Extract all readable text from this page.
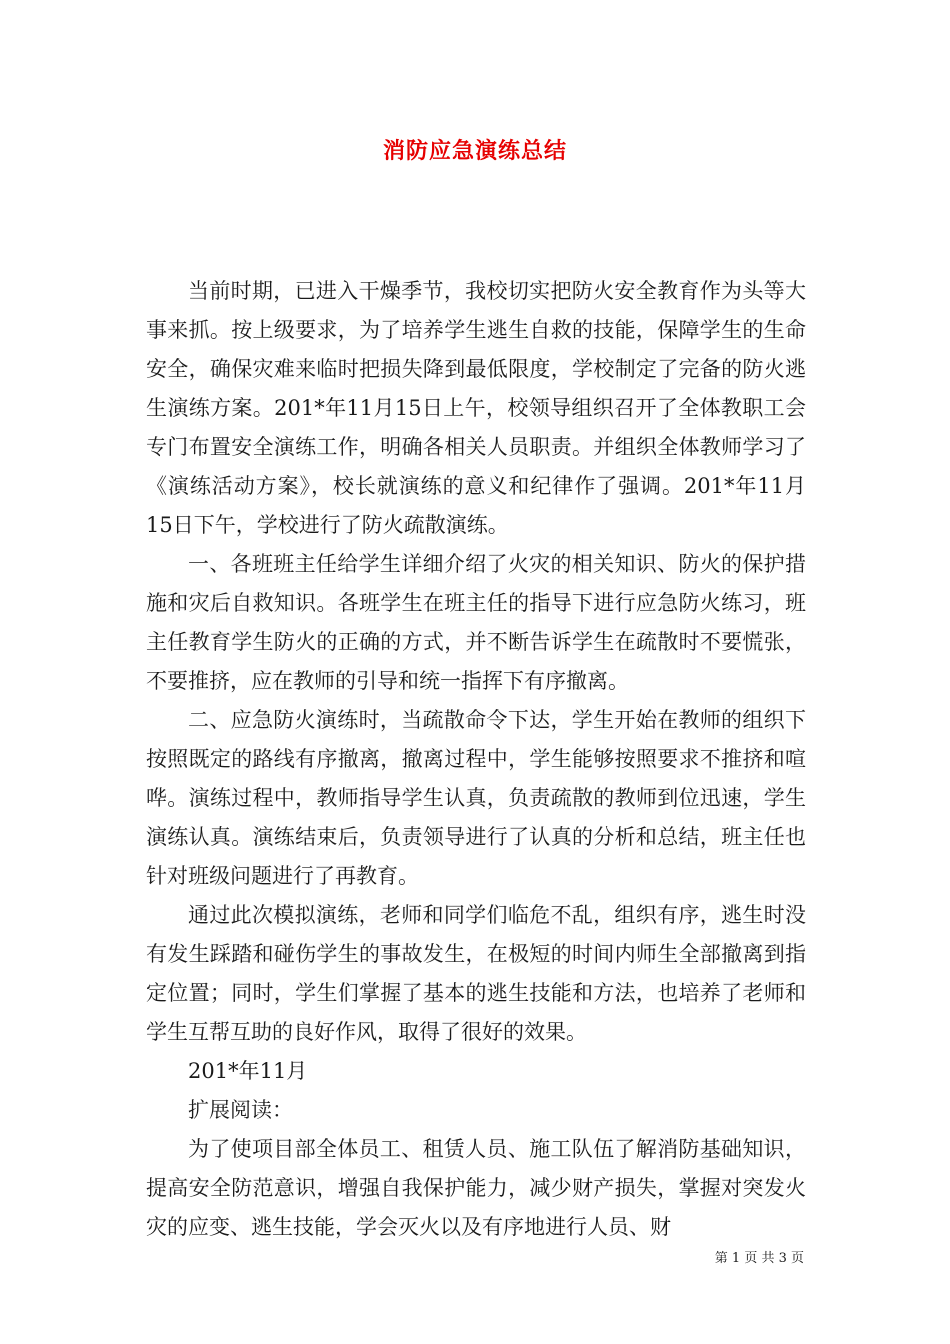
消防应急演练总结

当前时期，已进入干燥季节，我校切实把防火安全教育作为头等大事来抓。按上级要求，为了培养学生逃生自救的技能，保障学生的生命安全，确保灾难来临时把损失降到最低限度，学校制定了完备的防火逃生演练方案。201*年11月15日上午，校领导组织召开了全体教职工会专门布置安全演练工作，明确各相关人员职责。并组织全体教师学习了《演练活动方案》，校长就演练的意义和纪律作了强调。201*年11月15日下午，学校进行了防火疏散演练。

一、各班班主任给学生详细介绍了火灾的相关知识、防火的保护措施和灾后自救知识。各班学生在班主任的指导下进行应急防火练习，班主任教育学生防火的正确的方式，并不断告诉学生在疏散时不要慌张，不要推挤，应在教师的引导和统一指挥下有序撤离。

二、应急防火演练时，当疏散命令下达，学生开始在教师的组织下按照既定的路线有序撤离，撤离过程中，学生能够按照要求不推挤和喧哗。演练过程中，教师指导学生认真，负责疏散的教师到位迅速，学生演练认真。演练结束后，负责领导进行了认真的分析和总结，班主任也针对班级问题进行了再教育。

通过此次模拟演练，老师和同学们临危不乱，组织有序，逃生时没有发生踩踏和碰伤学生的事故发生，在极短的时间内师生全部撤离到指定位置；同时，学生们掌握了基本的逃生技能和方法，也培养了老师和学生互帮互助的良好作风，取得了很好的效果。

201*年11月

扩展阅读：

为了使项目部全体员工、租赁人员、施工队伍了解消防基础知识，提高安全防范意识，增强自我保护能力，减少财产损失，掌握对突发火灾的应变、逃生技能，学会灭火以及有序地进行人员、财

第 1 页 共 3 页
